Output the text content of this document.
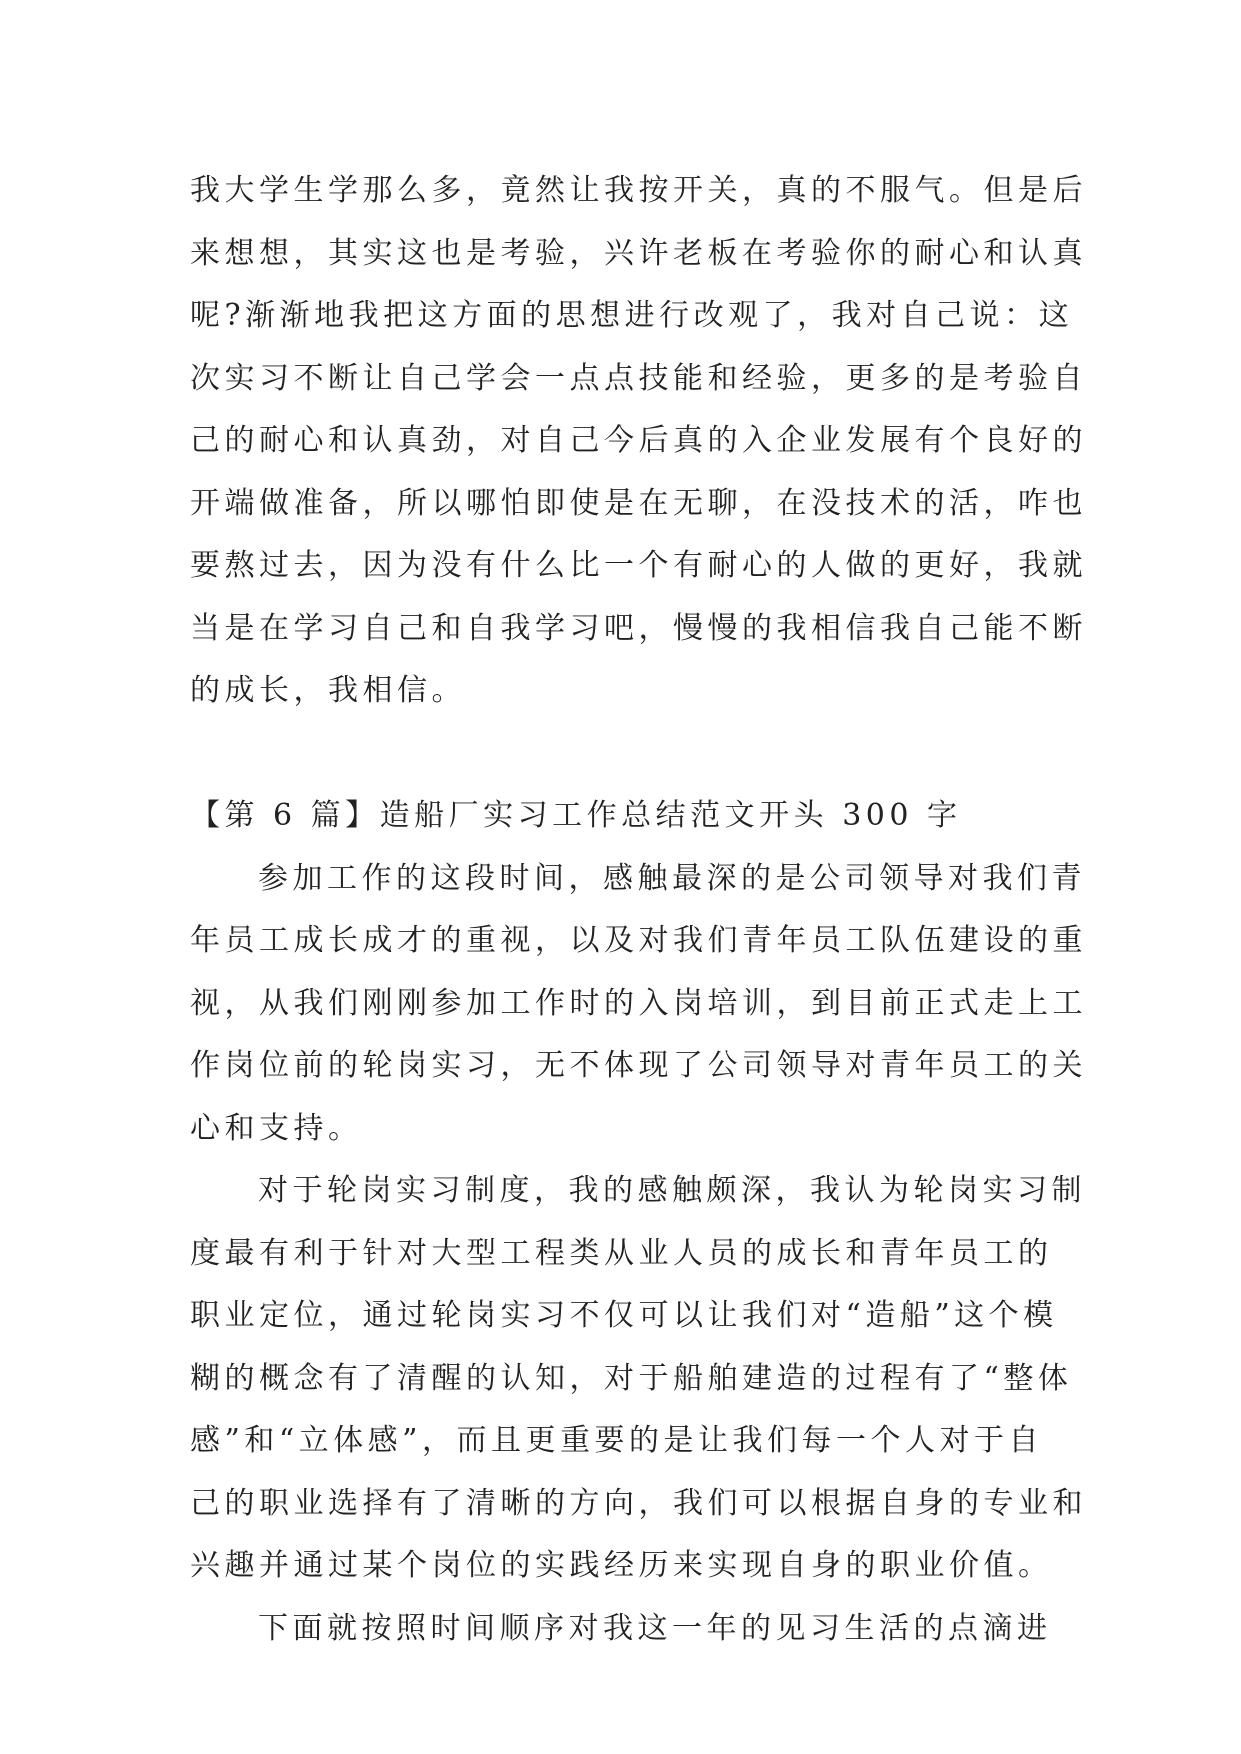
我大学生学那么多，竟然让我按开关，真的不服气。但是后
来想想，其实这也是考验，兴许老板在考验你的耐心和认真
呢?渐渐地我把这方面的思想进行改观了，我对自己说：这
次实习不断让自己学会一点点技能和经验，更多的是考验自
己的耐心和认真劲，对自己今后真的入企业发展有个良好的
开端做准备，所以哪怕即使是在无聊，在没技术的活，咋也
要熬过去，因为没有什么比一个有耐心的人做的更好，我就
当是在学习自己和自我学习吧，慢慢的我相信我自己能不断
的成长，我相信。
【第 6 篇】造船厂实习工作总结范文开头 300 字
参加工作的这段时间，感触最深的是公司领导对我们青
年员工成长成才的重视，以及对我们青年员工队伍建设的重
视，从我们刚刚参加工作时的入岗培训，到目前正式走上工
作岗位前的轮岗实习，无不体现了公司领导对青年员工的关
心和支持。
对于轮岗实习制度，我的感触颇深，我认为轮岗实习制
度最有利于针对大型工程类从业人员的成长和青年员工的
职业定位，通过轮岗实习不仅可以让我们对“造船”这个模
糊的概念有了清醒的认知，对于船舶建造的过程有了“整体
感”和“立体感”，而且更重要的是让我们每一个人对于自
己的职业选择有了清晰的方向，我们可以根据自身的专业和
兴趣并通过某个岗位的实践经历来实现自身的职业价值。
下面就按照时间顺序对我这一年的见习生活的点滴进
